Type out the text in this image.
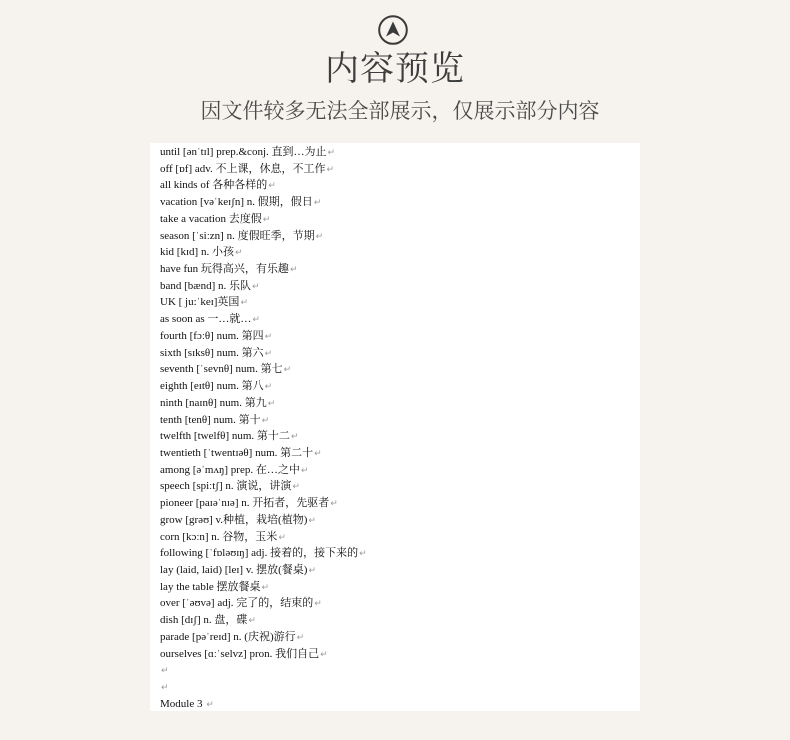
内容预览
因文件较多无法全部展示，仅展示部分内容
until [ənˈtɪl] prep.&conj. 直到…为止↵
off [ɒf] adv. 不上课，休息，不工作↵
all kinds of 各种各样的↵
vacation [vəˈkeɪʃn] n. 假期，假日↵
take a vacation 去度假↵
season [ˈsiːzn] n. 度假旺季，节期↵
kid [kɪd] n. 小孩↵
have fun 玩得高兴，有乐趣↵
band [bænd] n. 乐队↵
UK [ ju:ˈkeɪ]英国↵
as soon as 一…就…↵
fourth [fɔːθ] num. 第四↵
sixth [sɪksθ] num. 第六↵
seventh [ˈsevnθ] num. 第七↵
eighth [eɪtθ] num. 第八↵
ninth [naɪnθ] num. 第九↵
tenth [tenθ] num. 第十↵
twelfth [twelfθ] num. 第十二↵
twentieth [ˈtwentɪəθ] num. 第二十↵
among [əˈmʌŋ] prep. 在…之中↵
speech [spiːtʃ] n. 演说，讲演↵
pioneer [paɪəˈnɪə] n. 开拓者，先驱者↵
grow [grəʊ] v.种植，栽培(植物)↵
corn [kɔːn] n. 谷物，玉米↵
following [ˈfɒləʊɪŋ] adj. 接着的，接下来的↵
lay (laid, laid) [leɪ] v. 摆放(餐桌)↵
lay the table 摆放餐桌↵
over [ˈəʊvə] adj. 完了的，结束的↵
dish [dɪʃ] n. 盘，碟↵
parade [pəˈreɪd] n. (庆祝)游行↵
ourselves [ɑːˈselvz] pron. 我们自己↵
↵
↵
Module 3 ↵
